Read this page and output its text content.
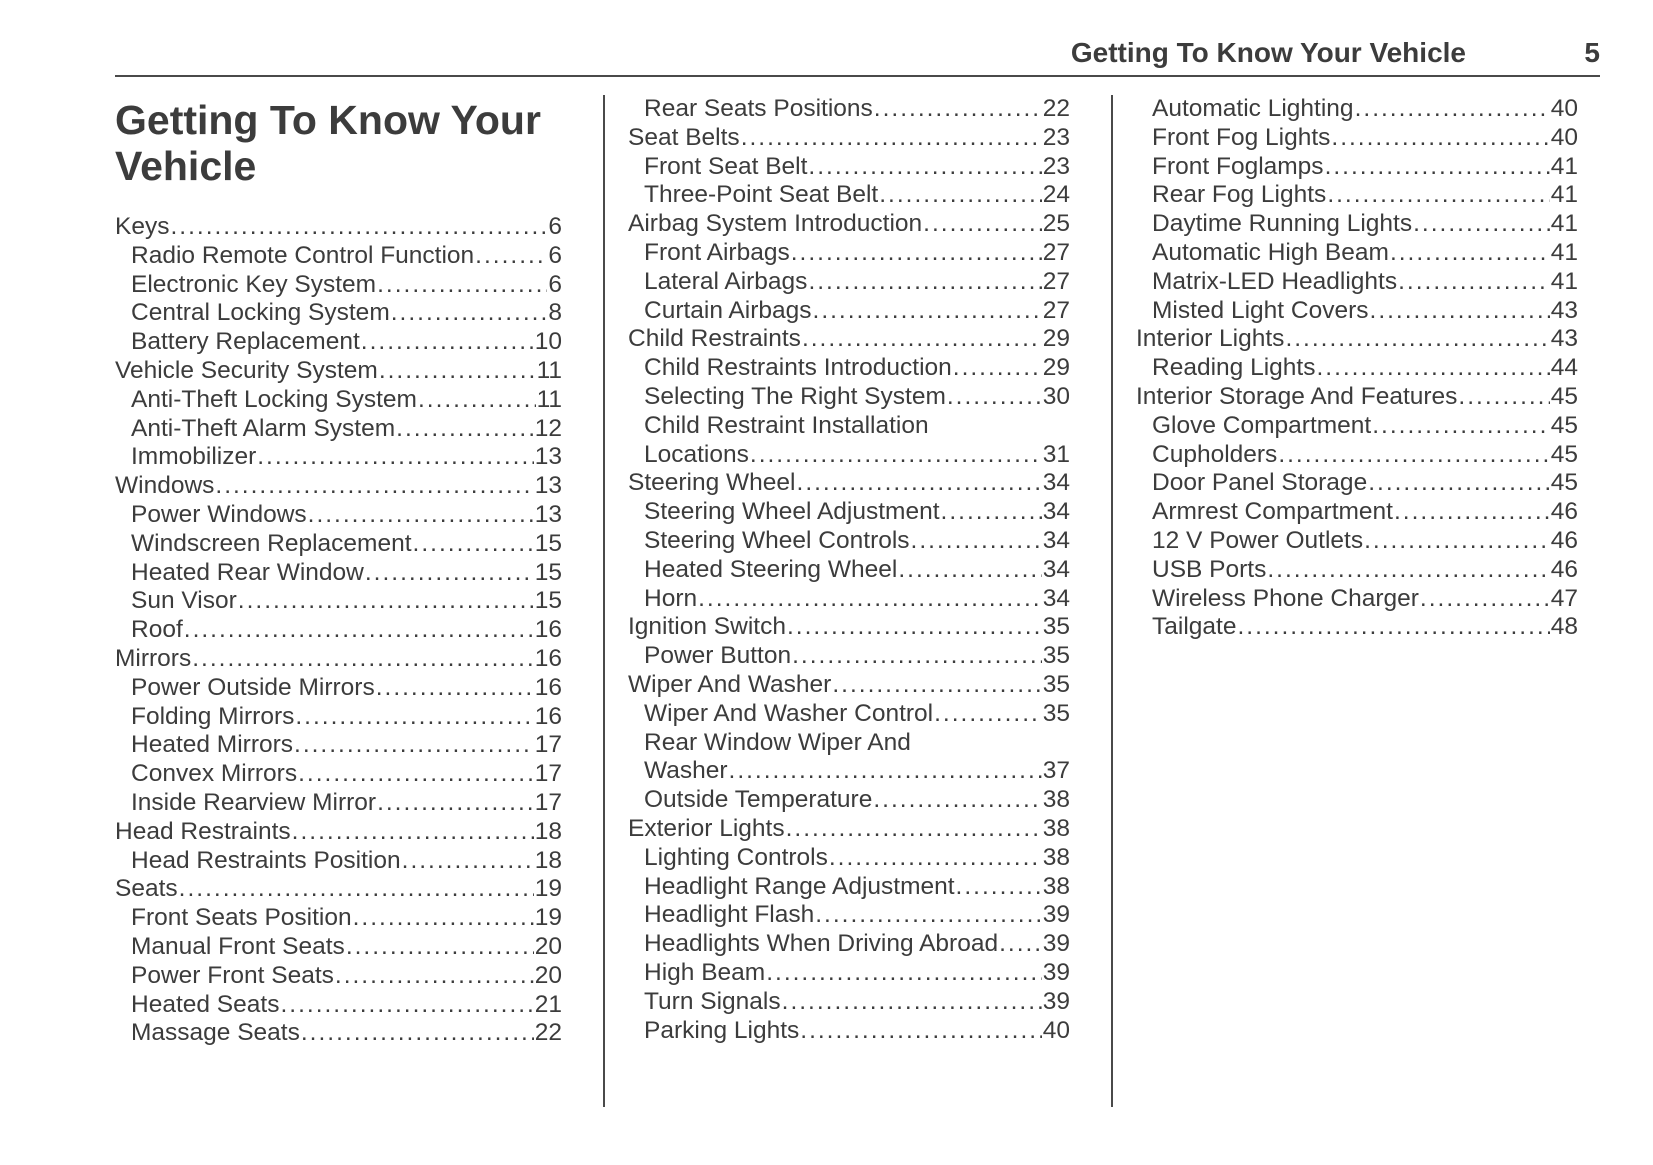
Getting To Know Your Vehicle	5
Getting To Know Your Vehicle
Keys .....	6
Radio Remote Control Function .....	6
Electronic Key System .....	6
Central Locking System .....	8
Battery Replacement .....	10
Vehicle Security System .....	11
Anti-Theft Locking System .....	11
Anti-Theft Alarm System .....	12
Immobilizer .....	13
Windows .....	13
Power Windows .....	13
Windscreen Replacement .....	15
Heated Rear Window .....	15
Sun Visor .....	15
Roof .....	16
Mirrors .....	16
Power Outside Mirrors .....	16
Folding Mirrors .....	16
Heated Mirrors .....	17
Convex Mirrors .....	17
Inside Rearview Mirror .....	17
Head Restraints .....	18
Head Restraints Position .....	18
Seats .....	19
Front Seats Position .....	19
Manual Front Seats .....	20
Power Front Seats .....	20
Heated Seats .....	21
Massage Seats .....	22
Rear Seats Positions .....	22
Seat Belts .....	23
Front Seat Belt .....	23
Three-Point Seat Belt .....	24
Airbag System Introduction .....	25
Front Airbags .....	27
Lateral Airbags .....	27
Curtain Airbags .....	27
Child Restraints .....	29
Child Restraints Introduction .....	29
Selecting The Right System .....	30
Child Restraint Installation
Locations .....	31
Steering Wheel .....	34
Steering Wheel Adjustment .....	34
Steering Wheel Controls .....	34
Heated Steering Wheel .....	34
Horn .....	34
Ignition Switch .....	35
Power Button .....	35
Wiper And Washer .....	35
Wiper And Washer Control .....	35
Rear Window Wiper And
Washer .....	37
Outside Temperature .....	38
Exterior Lights .....	38
Lighting Controls .....	38
Headlight Range Adjustment .....	38
Headlight Flash .....	39
Headlights When Driving Abroad ..... 39
High Beam .....	39
Turn Signals .....	39
Parking Lights .....	40
Automatic Lighting .....	40
Front Fog Lights .....	40
Front Foglamps .....	41
Rear Fog Lights .....	41
Daytime Running Lights .....	41
Automatic High Beam .....	41
Matrix-LED Headlights .....	41
Misted Light Covers .....	43
Interior Lights .....	43
Reading Lights .....	44
Interior Storage And Features .....	45
Glove Compartment .....	45
Cupholders .....	45
Door Panel Storage .....	45
Armrest Compartment .....	46
12 V Power Outlets .....	46
USB Ports .....	46
Wireless Phone Charger .....	47
Tailgate .....	48
